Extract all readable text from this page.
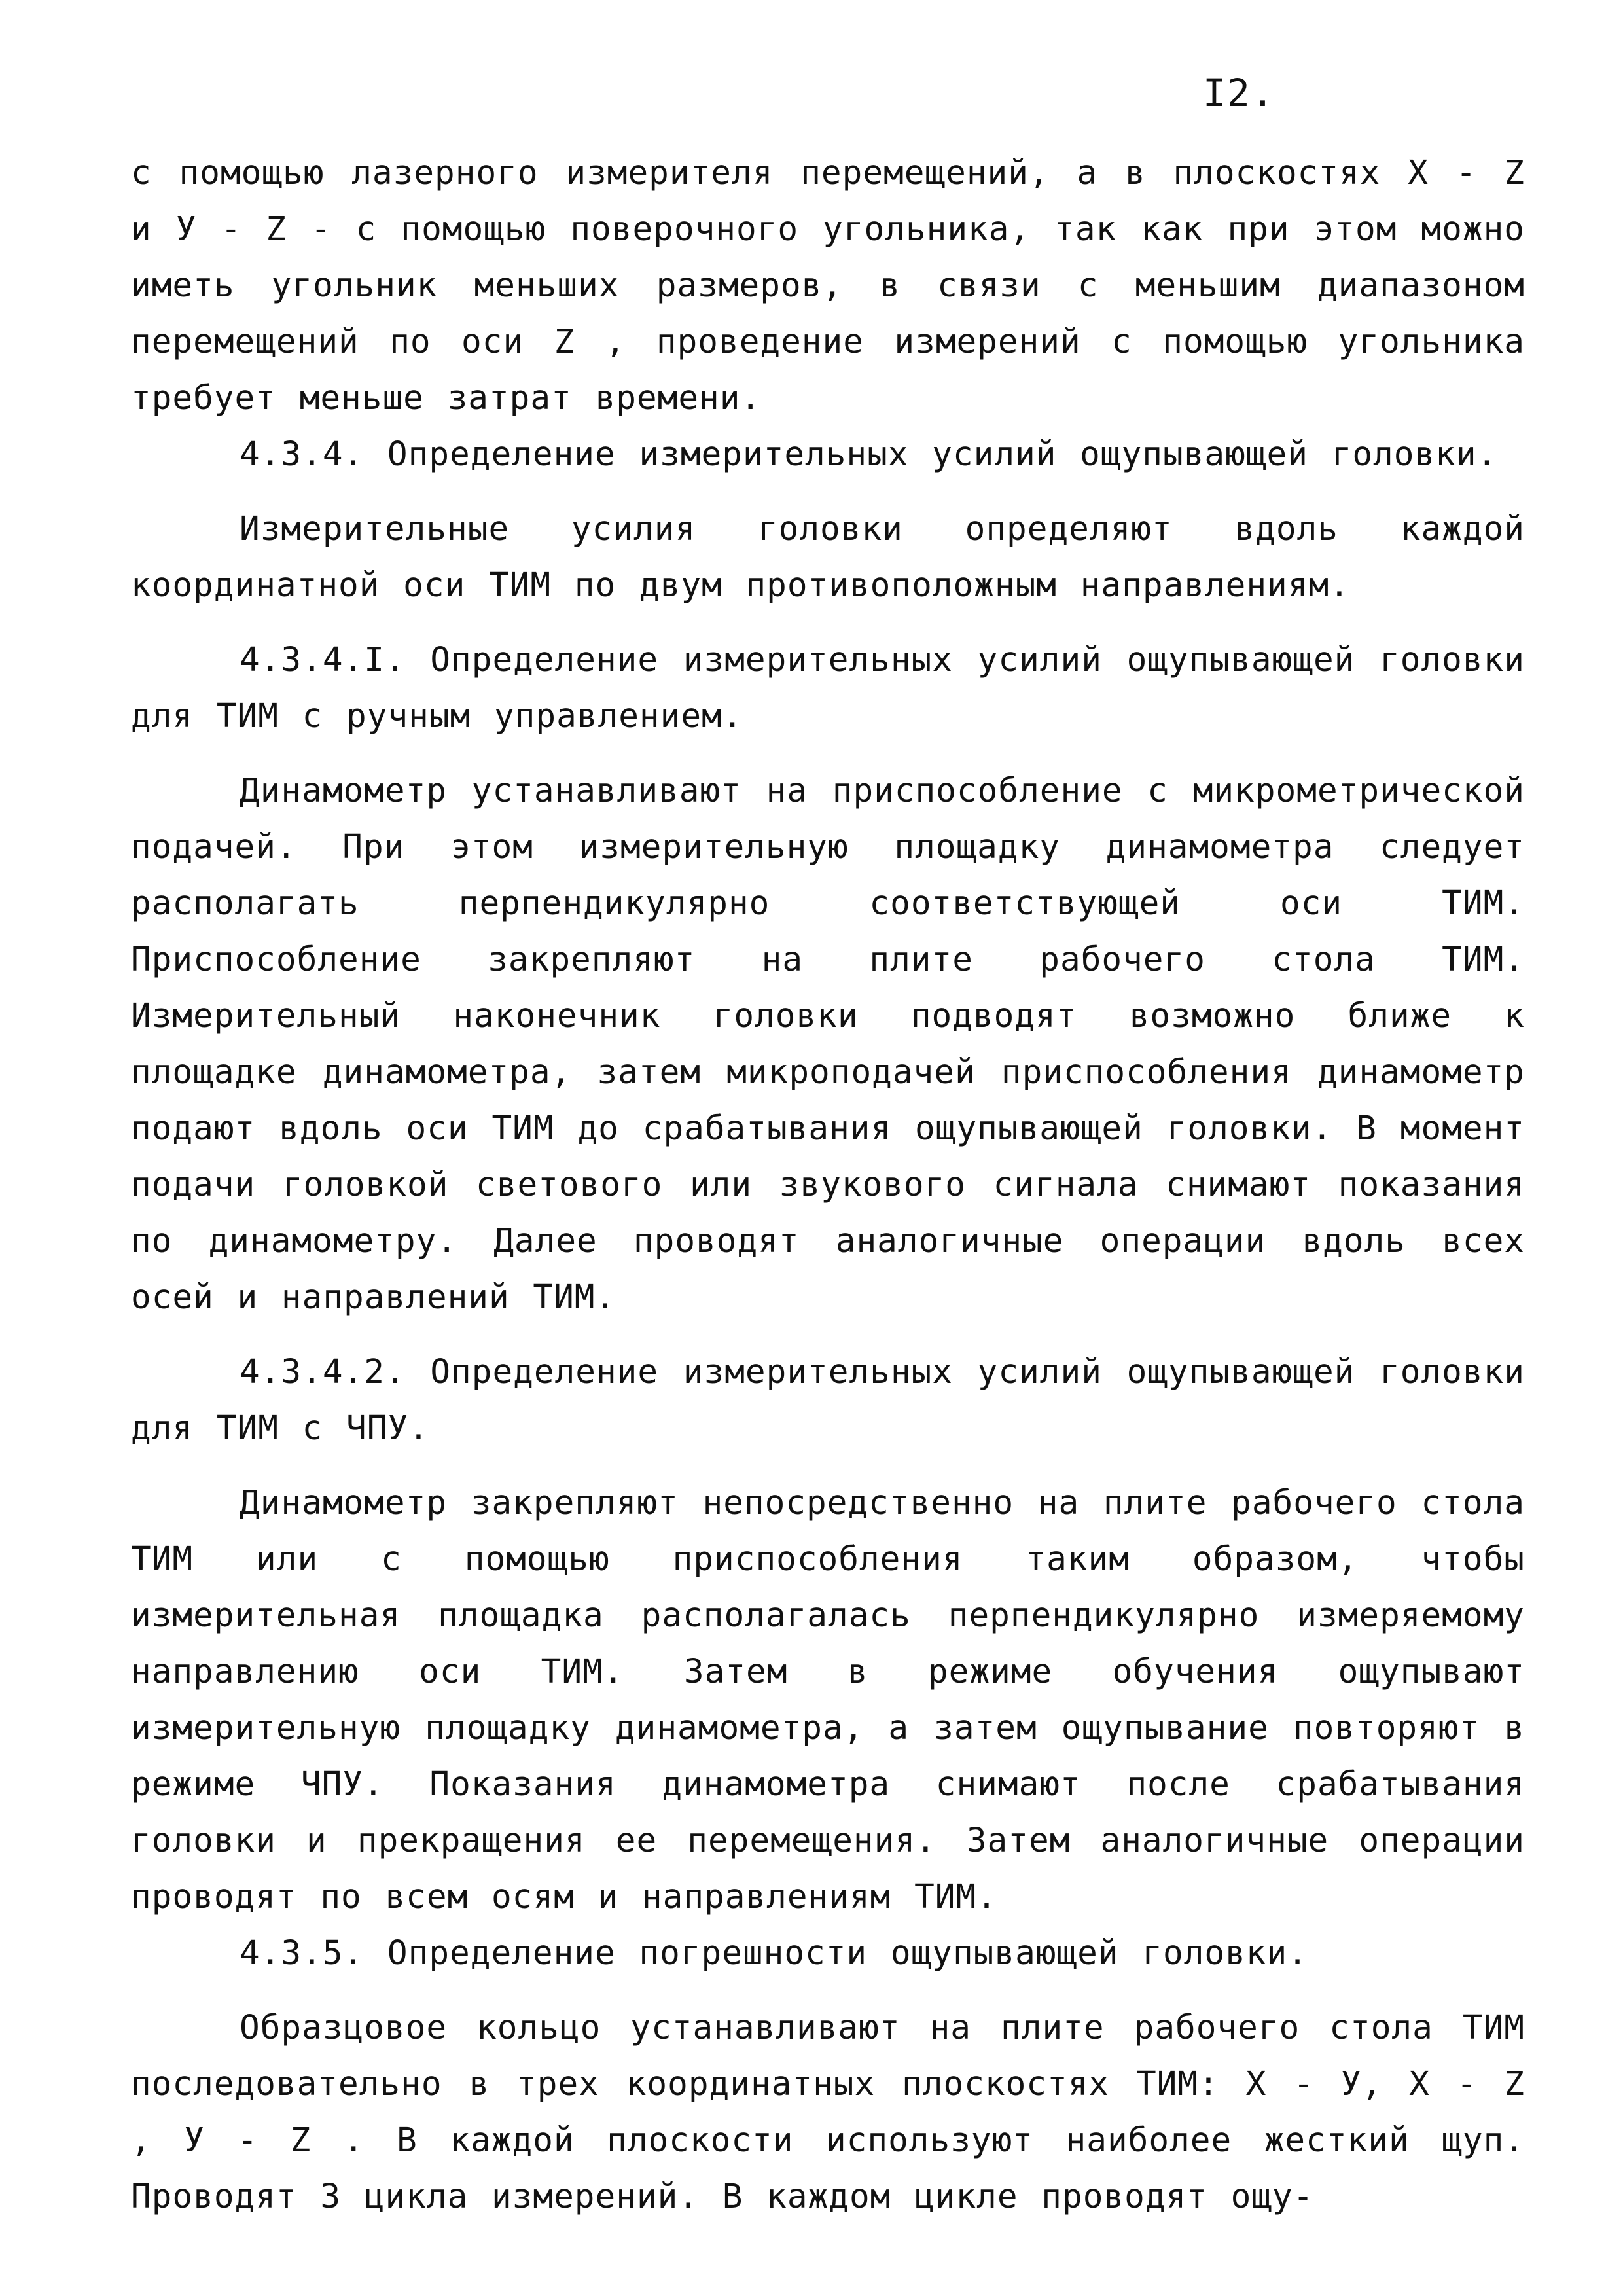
I2.

с помощью лазерного измерителя перемещений, а в плоскостях Х - Z и У - Z - с помощью поверочного угольника, так как при этом можно иметь угольник меньших размеров, в связи с меньшим диапазоном перемещений по оси Z , проведение измерений с помощью угольника требует меньше затрат времени.

4.3.4. Определение измерительных усилий ощупывающей головки.

Измерительные усилия головки определяют вдоль каждой координатной оси ТИМ по двум противоположным направлениям.

4.3.4.I. Определение измерительных усилий ощупывающей головки для ТИМ с ручным управлением.

Динамометр устанавливают на приспособление с микрометрической подачей. При этом измерительную площадку динамометра следует располагать перпендикулярно соответствующей оси ТИМ. Приспособление закрепляют на плите рабочего стола ТИМ. Измерительный наконечник головки подводят возможно ближе к площадке динамометра, затем микроподачей приспособления динамометр подают вдоль оси ТИМ до срабатывания ощупывающей головки. В момент подачи головкой светового или звукового сигнала снимают показания по динамометру. Далее проводят аналогичные операции вдоль всех осей и направлений ТИМ.

4.3.4.2. Определение измерительных усилий ощупывающей головки для ТИМ с ЧПУ.

Динамометр закрепляют непосредственно на плите рабочего стола ТИМ или с помощью приспособления таким образом, чтобы измерительная площадка располагалась перпендикулярно измеряемому направлению оси ТИМ. Затем в режиме обучения ощупывают измерительную площадку динамометра, а затем ощупывание повторяют в режиме ЧПУ. Показания динамометра снимают после срабатывания головки и прекращения ее перемещения. Затем аналогичные операции проводят по всем осям и направлениям ТИМ.

4.3.5. Определение погрешности ощупывающей головки.

Образцовое кольцо устанавливают на плите рабочего стола ТИМ последовательно в трех координатных плоскостях ТИМ: Х - У, Х - Z , У - Z . В каждой плоскости используют наиболее жесткий щуп. Проводят 3 цикла измерений. В каждом цикле проводят ощу-
